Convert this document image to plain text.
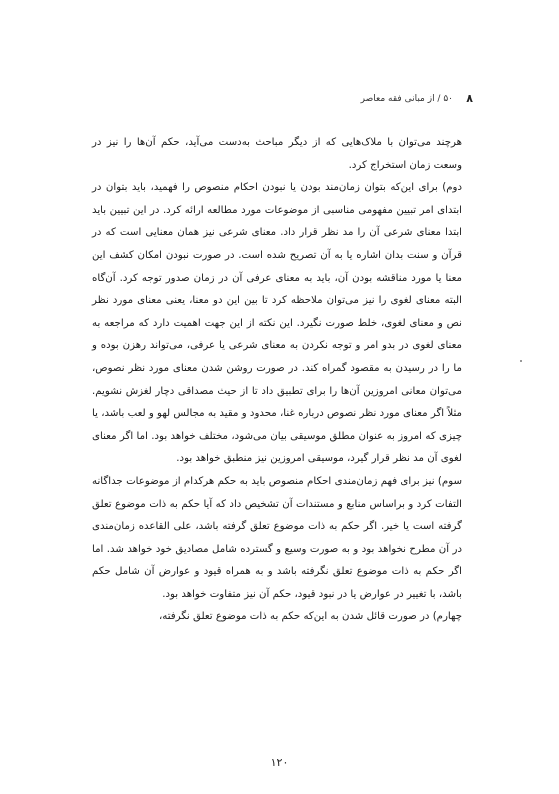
۸
۵۰ / از مبانی فقه معاصر

هرچند می‌توان با ملاک‌هایی که از دیگر مباحث به‌دست می‌آید، حکم آن‌ها را نیز در وسعت زمان استخراج کرد.

دوم) برای این‌که بتوان زمان‌مند بودن یا نبودن احکام منصوص را فهمید، باید بتوان در ابتدای امر تبیین مفهومی مناسبی از موضوعات مورد مطالعه ارائه کرد. در این تبیین باید ابتدا معنای شرعی آن را مد نظر قرار داد. معنای شرعی نیز همان معنایی است که در قرآن و سنت بدان اشاره یا به آن تصریح شده است. در صورت نبودن امکان کشف این معنا یا مورد مناقشه بودن آن، باید به معنای عرفی آن در زمان صدور توجه کرد. آن‌گاه البته معنای لغوی را نیز می‌توان ملاحظه کرد تا بین این دو معنا، یعنی معنای مورد نظر نص و معنای لغوی، خلط صورت نگیرد. این نکته از این جهت اهمیت دارد که مراجعه به معنای لغوی در بدو امر و توجه نکردن به معنای شرعی یا عرفی، می‌تواند رهزن بوده و ما را در رسیدن به مقصود گمراه کند. در صورت روشن شدن معنای مورد نظر نصوص، می‌توان معانی امروزین آن‌ها را برای تطبیق داد تا از حیث مصداقی دچار لغزش نشویم. مثلاً اگر معنای مورد نظر نصوص درباره غنا، محدود و مقید به مجالس لهو و لعب باشد، یا چیزی که امروز به عنوان مطلق موسیقی بیان می‌شود، مختلف خواهد بود. اما اگر معنای لغوی آن مد نظر قرار گیرد، موسیقی امروزین نیز منطبق خواهد بود.

سوم) نیز برای فهم زمان‌مندی احکام منصوص باید به حکم هرکدام از موضوعات جداگانه التفات کرد و براساس منابع و مستندات آن تشخیص داد که آیا حکم به ذات موضوع تعلق گرفته است یا خیر. اگر حکم به ذات موضوع تعلق گرفته باشد، علی القاعده زمان‌مندی در آن مطرح نخواهد بود و به صورت وسیع و گسترده شامل مصادیق خود خواهد شد. اما اگر حکم به ذات موضوع تعلق نگرفته باشد و به همراه قیود و عوارض آن شامل حکم باشد، با تغییر در عوارض یا در نبود قیود، حکم آن نیز متفاوت خواهد بود.

چهارم) در صورت قائل شدن به این‌که حکم به ذات موضوع تعلق نگرفته،

۱۲۰
